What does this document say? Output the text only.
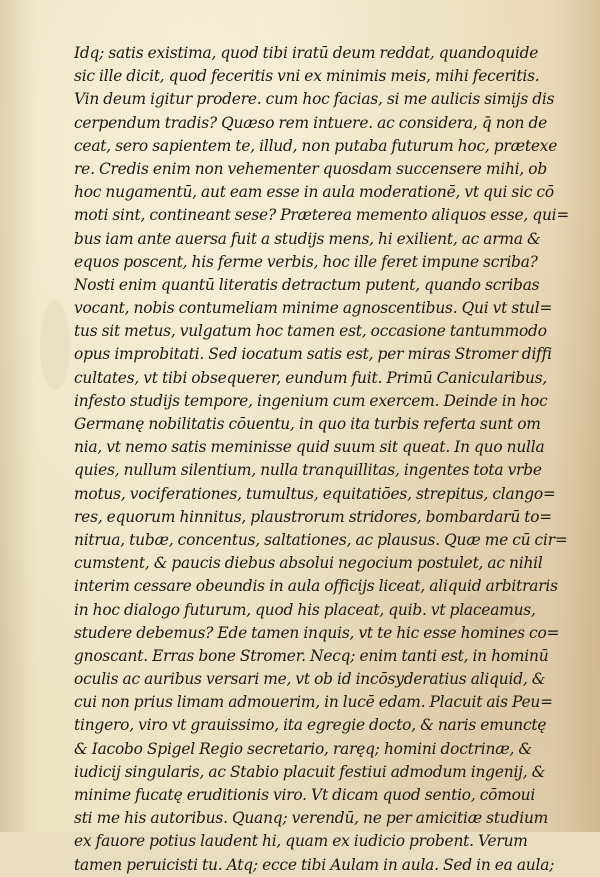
Idq; satis existima, quod tibi iratū deum reddat, quandoquide
sic ille dicit, quod feceritis vni ex minimis meis, mihi feceritis.
Vin deum igitur prodere. cum hoc facias, si me aulicis simijs dis
cerpendum tradis? Quæso rem intuere. ac considera, q̄ non de
ceat, sero sapientem te, illud, non putaba futurum hoc, prætexe
re. Credis enim non vehementer quosdam succensere mihi, ob
hoc nugamentū, aut eam esse in aula moderationē, vt qui sic cō
moti sint, contineant sese? Præterea memento aliquos esse, qui=
bus iam ante auersa fuit a studijs mens, hi exilient, ac arma &
equos poscent, his ferme verbis, hoc ille feret impune scriba?
Nosti enim quantū literatis detractum putent, quando scribas
vocant, nobis contumeliam minime agnoscentibus. Qui vt stul=
tus sit metus, vulgatum hoc tamen est, occasione tantummodo
opus improbitati. Sed iocatum satis est, per miras Stromer diffi
cultates, vt tibi obsequerer, eundum fuit. Primū Canicularibus,
infesto studijs tempore, ingenium cum exercem. Deinde in hoc
Germanę nobilitatis cōuentu, in quo ita turbis referta sunt om
nia, vt nemo satis meminisse quid suum sit queat. In quo nulla
quies, nullum silentium, nulla tranquillitas, ingentes tota vrbe
motus, vociferationes, tumultus, equitatiōes, strepitus, clango=
res, equorum hinnitus, plaustrorum stridores, bombardarū to=
nitrua, tubæ, concentus, saltationes, ac plausus. Quæ me cū cir=
cumstent, & paucis diebus absolui negocium postulet, ac nihil
interim cessare obeundis in aula officijs liceat, aliquid arbitraris
in hoc dialogo futurum, quod his placeat, quib. vt placeamus,
studere debemus? Ede tamen inquis, vt te hic esse homines co=
gnoscant. Erras bone Stromer. Necq; enim tanti est, in hominū
oculis ac auribus versari me, vt ob id incōsyderatius aliquid, &
cui non prius limam admouerim, in lucē edam. Placuit ais Peu=
tingero, viro vt grauissimo, ita egregie docto, & naris emunctę
& Iacobo Spigel Regio secretario, raręq; homini doctrinæ, &
iudicij singularis, ac Stabio placuit festiui admodum ingenij, &
minime fucatę eruditionis viro. Vt dicam quod sentio, cōmoui
sti me his autoribus. Quanq; verendū, ne per amicitiæ studium
ex fauore potius laudent hi, quam ex iudicio probent. Verum
tamen peruicisti tu. Atq; ecce tibi Aulam in aula. Sed in ea aula;
